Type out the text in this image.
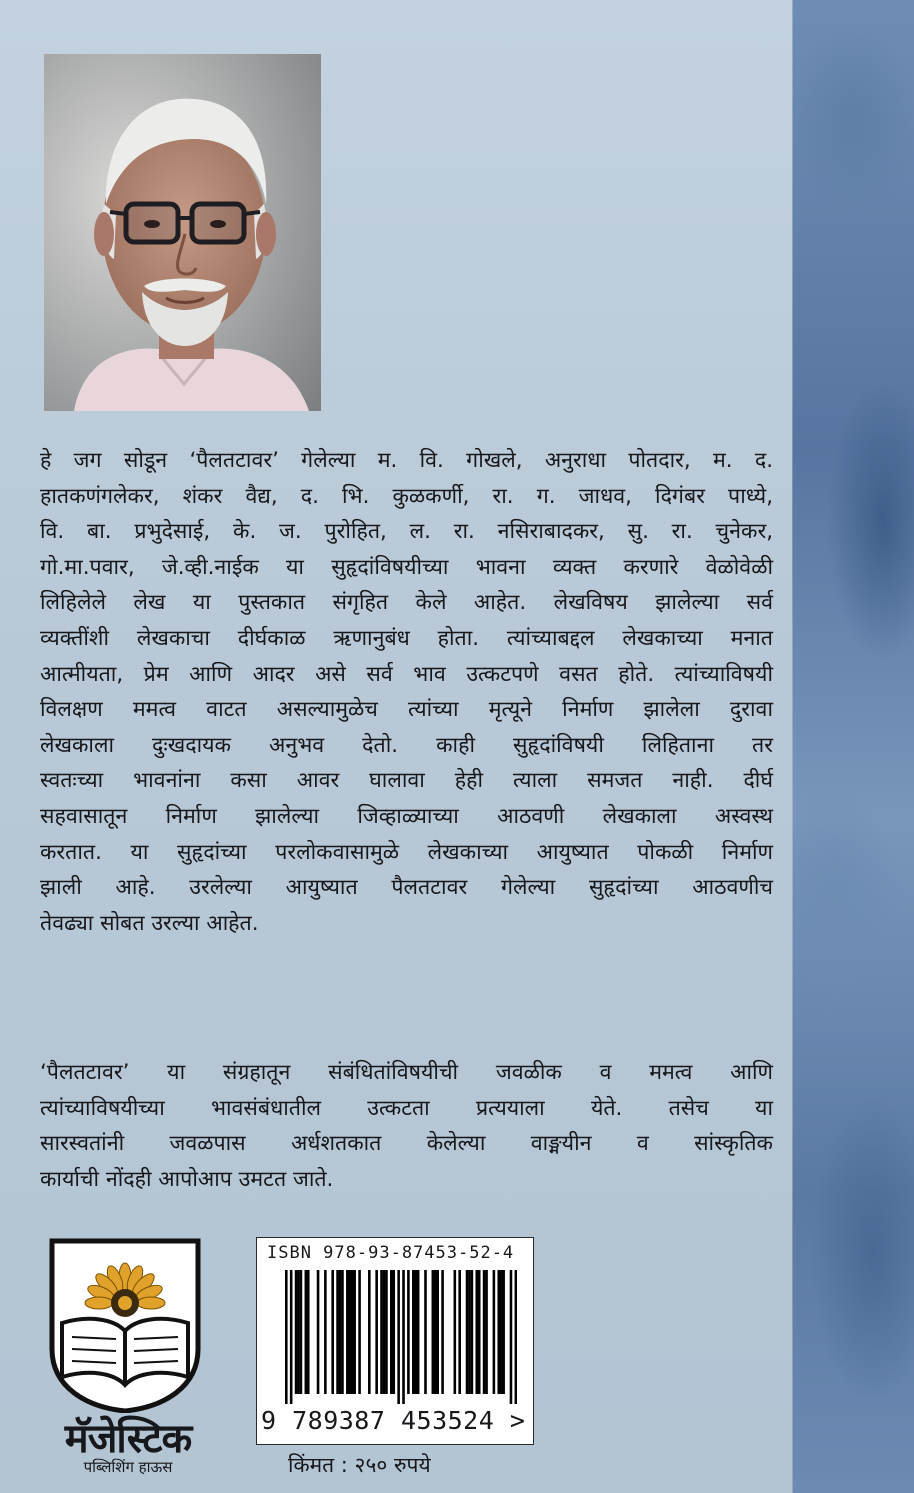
हे जग सोडून ‘पैलतटावर’ गेलेल्या म. वि. गोखले, अनुराधा पोतदार, म. द.
हातकणंगलेकर, शंकर वैद्य, द. भि. कुळकर्णी, रा. ग. जाधव, दिगंबर पाध्ये,
वि. बा. प्रभुदेसाई, के. ज. पुरोहित, ल. रा. नसिराबादकर, सु. रा. चुनेकर,
गो.मा.पवार, जे.व्ही.नाईक या सुहृदांविषयीच्या भावना व्यक्त करणारे वेळोवेळी
लिहिलेले लेख या पुस्तकात संगृहित केले आहेत. लेखविषय झालेल्या सर्व
व्यक्तींशी लेखकाचा दीर्घकाळ ऋणानुबंध होता. त्यांच्याबद्दल लेखकाच्या मनात
आत्मीयता, प्रेम आणि आदर असे सर्व भाव उत्कटपणे वसत होते. त्यांच्याविषयी
विलक्षण ममत्व वाटत असल्यामुळेच त्यांच्या मृत्यूने निर्माण झालेला दुरावा
लेखकाला दुःखदायक अनुभव देतो. काही सुहृदांविषयी लिहिताना तर
स्वतःच्या भावनांना कसा आवर घालावा हेही त्याला समजत नाही. दीर्घ
सहवासातून निर्माण झालेल्या जिव्हाळ्याच्या आठवणी लेखकाला अस्वस्थ
करतात. या सुहृदांच्या परलोकवासामुळे लेखकाच्या आयुष्यात पोकळी निर्माण
झाली आहे. उरलेल्या आयुष्यात पैलतटावर गेलेल्या सुहृदांच्या आठवणीच
तेवढ्या सोबत उरल्या आहेत.
‘पैलतटावर’ या संग्रहातून संबंधितांविषयीची जवळीक व ममत्व आणि
त्यांच्याविषयीच्या भावसंबंधातील उत्कटता प्रत्ययाला येते. तसेच या
सारस्वतांनी जवळपास अर्धशतकात केलेल्या वाङ्मयीन व सांस्कृतिक
कार्याची नोंदही आपोआप उमटत जाते.
मॅजेस्टिक
पब्लिशिंग हाऊस
ISBN 978-93-87453-52-4
9 789387 453524 >
किंमत : २५० रुपये
